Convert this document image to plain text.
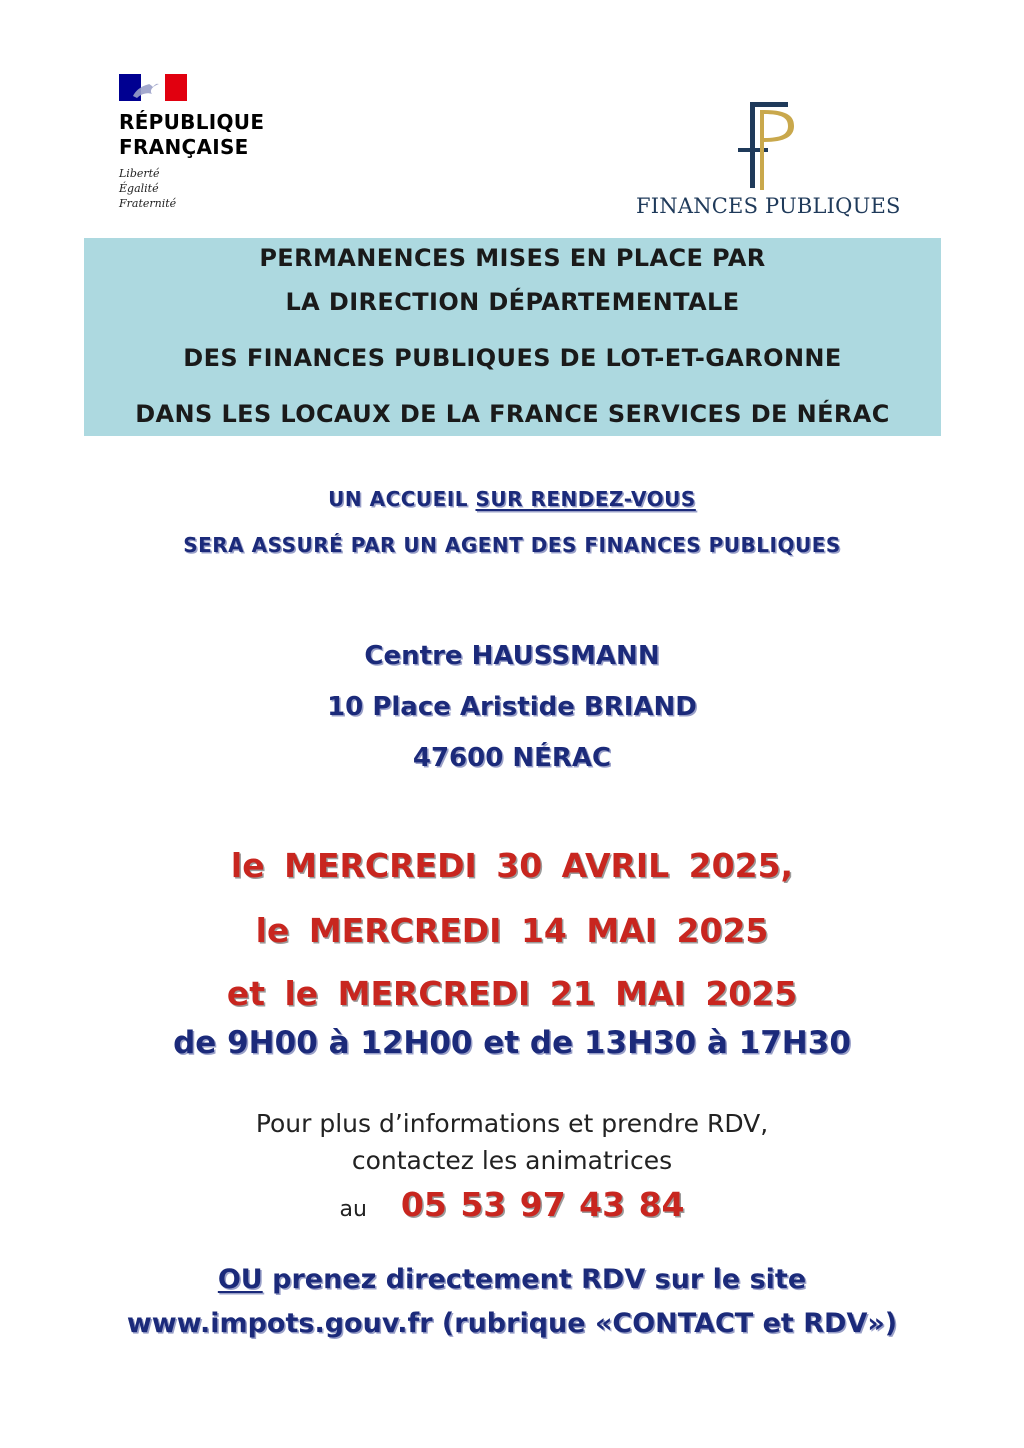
RÉPUBLIQUE
FRANÇAISE
Liberté
Égalité
Fraternité	FINANCES PUBLIQUES
PERMANENCES MISES EN PLACE PAR
LA DIRECTION DÉPARTEMENTALE
DES FINANCES PUBLIQUES DE LOT-ET-GARONNE
DANS LES LOCAUX DE LA FRANCE SERVICES DE NÉRAC
UN ACCUEIL SUR RENDEZ-VOUS
SERA ASSURÉ PAR UN AGENT DES FINANCES PUBLIQUES
Centre HAUSSMANN
10 Place Aristide BRIAND
47600 NÉRAC
le MERCREDI 30 AVRIL 2025,
le MERCREDI 14 MAI 2025
et le MERCREDI 21 MAI 2025
de 9H00 à 12H00 et de 13H30 à 17H30
Pour plus d’informations et prendre RDV,
contactez les animatrices
au 05 53 97 43 84
OU prenez directement RDV sur le site
www.impots.gouv.fr (rubrique «CONTACT et RDV»)
